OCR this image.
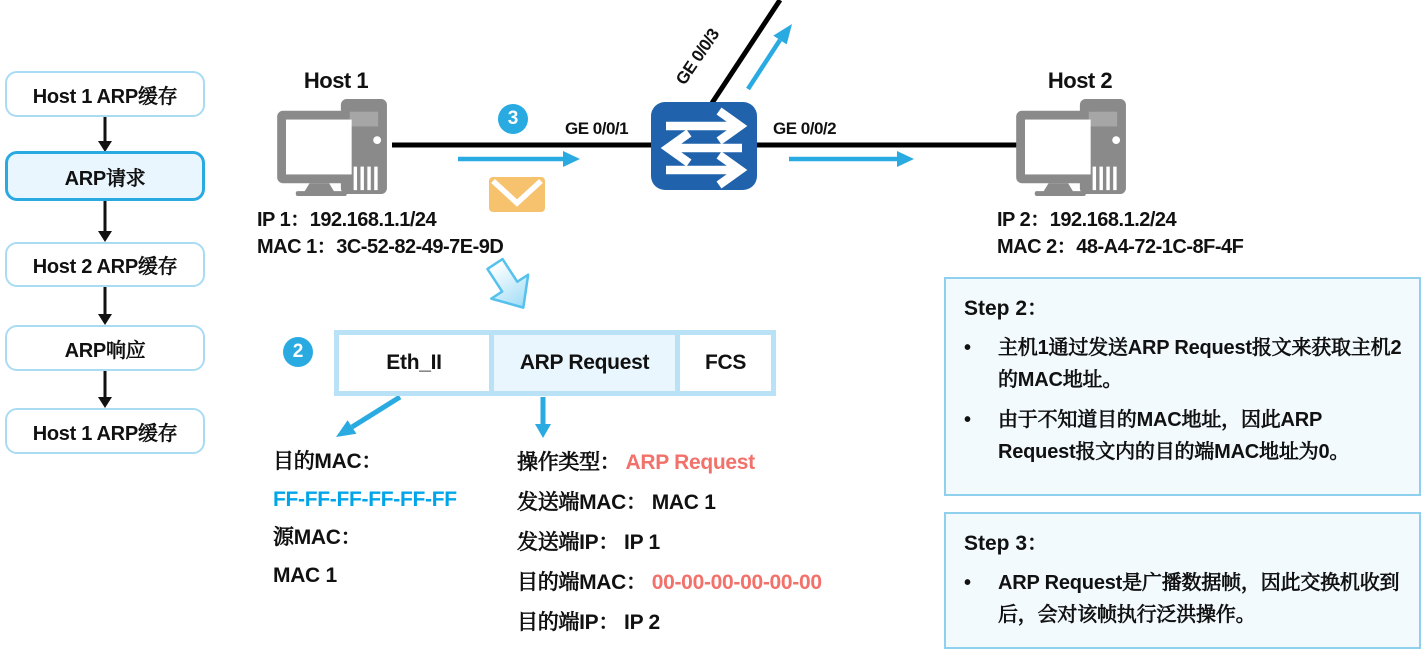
Host 1 ARP缓存
ARP请求
Host 2 ARP缓存
ARP响应
Host 1 ARP缓存
Host 1
IP 1：192.168.1.1/24
MAC 1：3C-52-82-49-7E-9D
3	GE 0/0/1	GE 0/0/2
GE 0/0/3	Host 2
IP 2：192.168.1.2/24
MAC 2：48-A4-72-1C-8F-4F
2	Eth_II	ARP Request	FCS
目的MAC：
FF-FF-FF-FF-FF-FF
源MAC：
MAC 1
操作类型： ARP Request
发送端MAC： MAC 1
发送端IP： IP 1
目的端MAC： 00-00-00-00-00-00
目的端IP： IP 2
Step 2：
• 主机1通过发送ARP Request报文来获取主机2的MAC地址。
• 由于不知道目的MAC地址，因此ARP Request报文内的目的端MAC地址为0。
Step 3：
• ARP Request是广播数据帧，因此交换机收到后，会对该帧执行泛洪操作。
